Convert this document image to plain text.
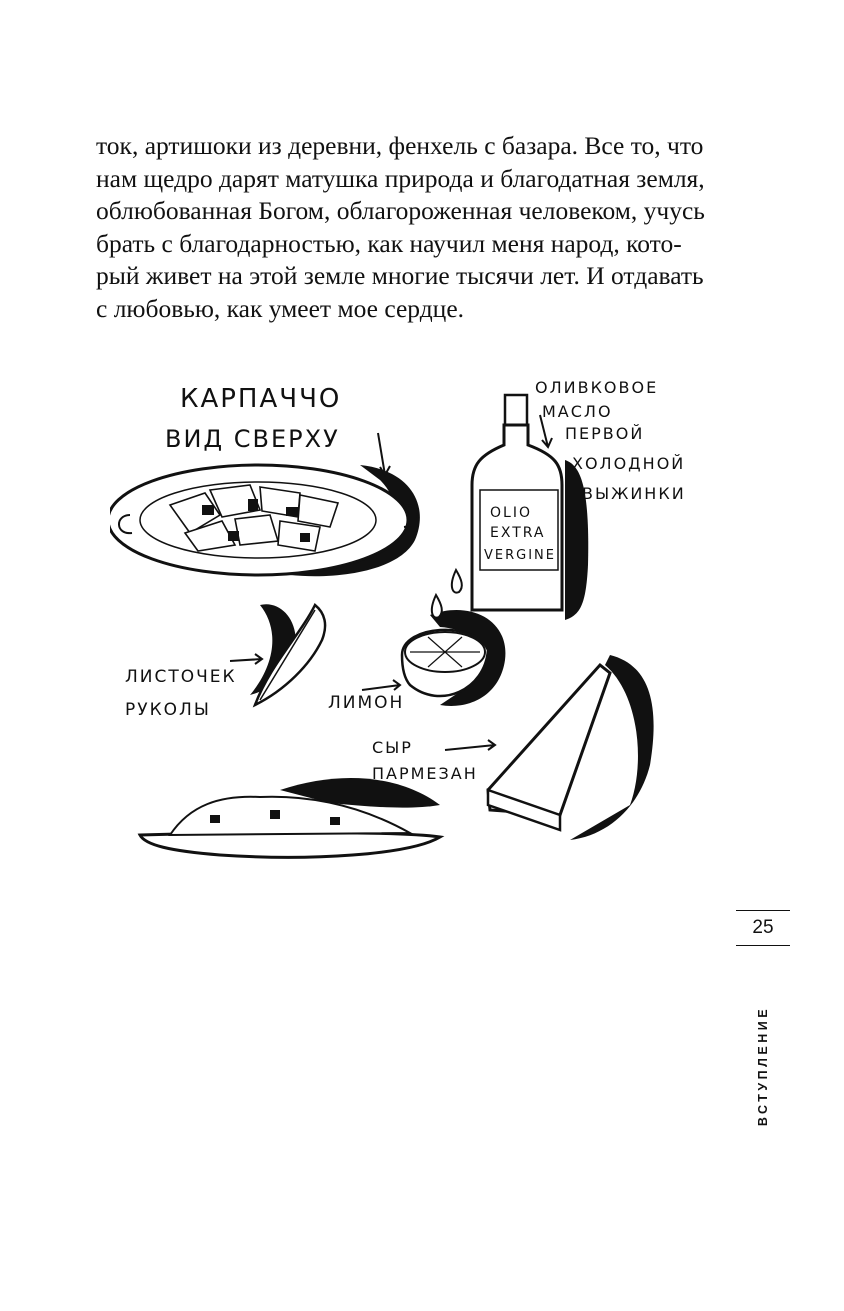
ток, артишоки из деревни, фенхель с базара. Все то, что
нам щедро дарят матушка природа и благодатная земля,
облюбованная Богом, облагороженная человеком, учусь
брать с благодарностью, как научил меня народ, кото-
рый живет на этой земле многие тысячи лет. И отдавать
с любовью, как умеет мое сердце.
OLIO
EXTRA
VERGINE
КАРПАЧЧО
ВИД СВЕРХУ
ОЛИВКОВОЕ
МАСЛО
ПЕРВОЙ
ХОЛОДНОЙ
ВЫЖИНКИ
ЛИСТОЧЕК
РУКОЛЫ	ЛИМОН
СЫР
ПАРМЕЗАН
25
ВСТУПЛЕНИЕ
